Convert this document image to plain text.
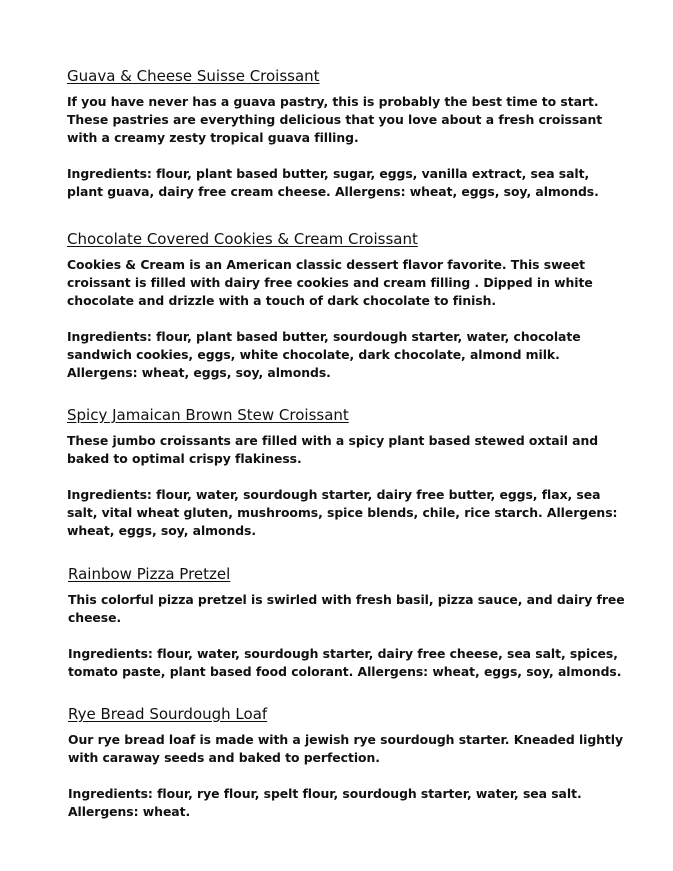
Guava & Cheese Suisse Croissant

If you have never has a guava pastry, this is probably the best time to start. These pastries are everything delicious that you love about a fresh croissant with a creamy zesty tropical guava filling.

Ingredients: flour, plant based butter, sugar, eggs, vanilla extract, sea salt, plant guava, dairy free cream cheese. Allergens: wheat, eggs, soy, almonds.

Chocolate Covered Cookies & Cream Croissant

Cookies & Cream is an American classic dessert flavor favorite. This sweet croissant is filled with dairy free cookies and cream filling . Dipped in white chocolate and drizzle with a touch of dark chocolate to finish.

Ingredients: flour, plant based butter, sourdough starter, water, chocolate sandwich cookies, eggs, white chocolate, dark chocolate, almond milk. Allergens: wheat, eggs, soy, almonds.

Spicy Jamaican Brown Stew Croissant

These jumbo croissants are filled with a spicy plant based stewed oxtail and baked to optimal crispy flakiness.

Ingredients: flour, water, sourdough starter, dairy free butter, eggs, flax, sea salt, vital wheat gluten, mushrooms, spice blends, chile, rice starch. Allergens: wheat, eggs, soy, almonds.

Rainbow Pizza Pretzel

This colorful pizza pretzel is swirled with fresh basil, pizza sauce, and dairy free cheese.

Ingredients: flour, water, sourdough starter, dairy free cheese, sea salt, spices, tomato paste, plant based food colorant. Allergens: wheat, eggs, soy, almonds.

Rye Bread Sourdough Loaf

Our rye bread loaf is made with a jewish rye sourdough starter. Kneaded lightly with caraway seeds and baked to perfection.

Ingredients: flour, rye flour, spelt flour, sourdough starter, water, sea salt. Allergens: wheat.
